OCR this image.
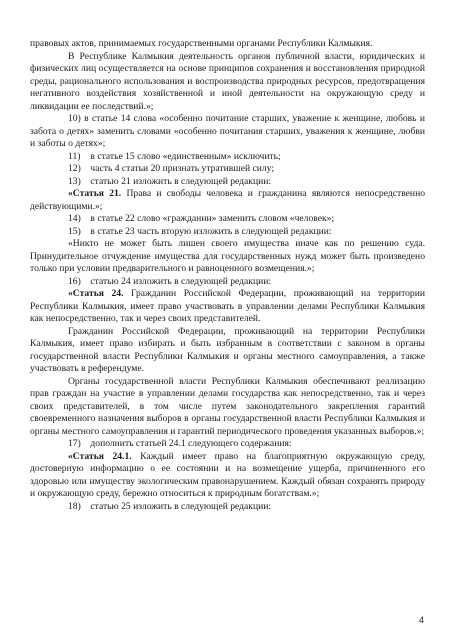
правовых актов, принимаемых государственными органами Республики Калмыкия.

В Республике Калмыкия деятельность органов публичной власти, юридических и физических лиц осуществляется на основе принципов сохранения и восстановления природной среды, рационального использования и воспроизводства природных ресурсов, предотвращения негативного воздействия хозяйственной и иной деятельности на окружающую среду и ликвидации ее последствий.»;

10) в статье 14 слова «особенно почитание старших, уважение к женщине, любовь и забота о детях» заменить словами «особенно почитания старших, уважения к женщине, любви и заботы о детях»;

11) в статье 15 слово «единственным» исключить;

12) часть 4 статьи 20 признать утратившей силу;

13) статью 21 изложить в следующей редакции:

«Статья 21. Права и свободы человека и гражданина являются непосредственно действующими.»;

14) в статье 22 слово «граждании» заменить словом «человек»;

15) в статье 23 часть вторую изложить в следующей редакции:

«Никто не может быть лишен своего имущества иначе как по решению суда. Принудительное отчуждение имущества для государственных нужд может быть произведено только при условии предварительного и равноценного возмещения.»;

16) статью 24 изложить в следующей редакции:

«Статья 24. Гражданин Российской Федерации, проживающий на территории Республики Калмыкия, имеет право участвовать в управлении делами Республики Калмыкия как непосредственно, так и через своих представителей.

Гражданин Российской Федерации, проживающий на территории Республики Калмыкия, имеет право избирать и быть избранным в соответствии с законом в органы государственной власти Республики Калмыкия и органы местного самоуправления, а также участвовать в референдуме.

Органы государственной власти Республики Калмыкия обеспечивают реализацию прав граждан на участие в управлении делами государства как непосредственно, так и через своих представителей, в том числе путем законодательного закрепления гарантий своевременного назначения выборов в органы государственной власти Республики Калмыкия и органы местного самоуправления и гарантий периодического проведения указанных выборов.»;

17) дополнить статьей 24.1 следующего содержания:

«Статья 24.1. Каждый имеет право на благоприятную окружающую среду, достоверную информацию о ее состоянии и на возмещение ущерба, причиненного его здоровью или имуществу экологическим правонарушением. Каждый обязан сохранять природу и окружающую среду, бережно относиться к природным богатствам.»;

18) статью 25 изложить в следующей редакции:

4
